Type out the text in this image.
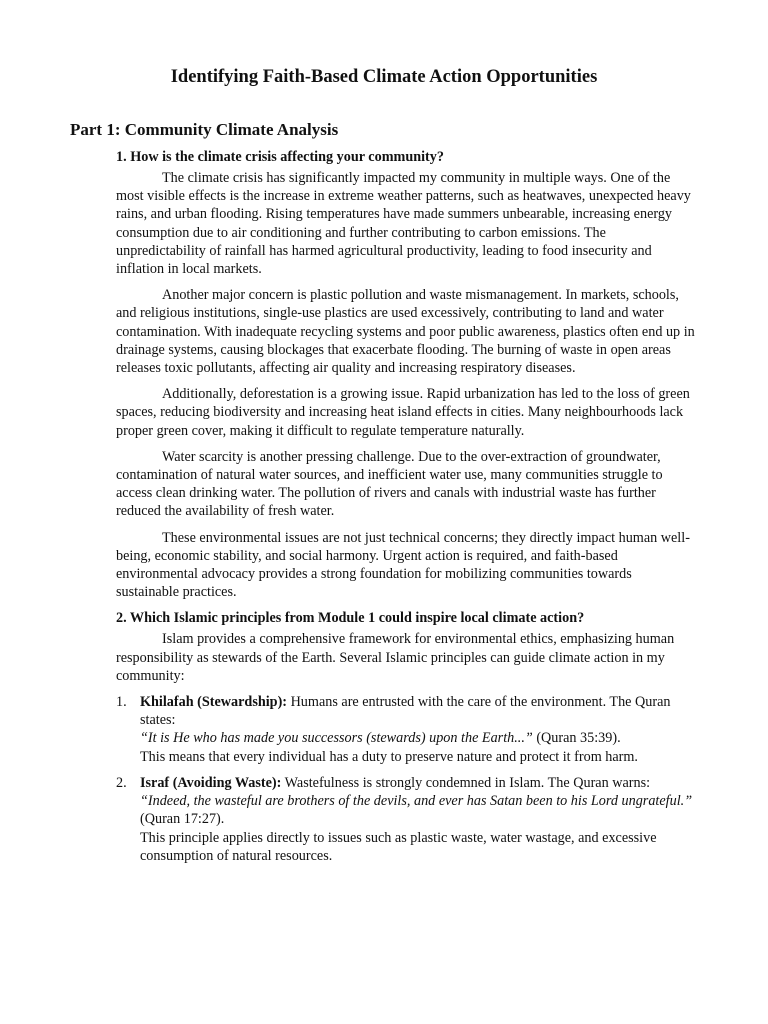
Identifying Faith-Based Climate Action Opportunities
Part 1: Community Climate Analysis
1. How is the climate crisis affecting your community?

The climate crisis has significantly impacted my community in multiple ways. One of the most visible effects is the increase in extreme weather patterns, such as heatwaves, unexpected heavy rains, and urban flooding. Rising temperatures have made summers unbearable, increasing energy consumption due to air conditioning and further contributing to carbon emissions. The unpredictability of rainfall has harmed agricultural productivity, leading to food insecurity and inflation in local markets.

Another major concern is plastic pollution and waste mismanagement. In markets, schools, and religious institutions, single-use plastics are used excessively, contributing to land and water contamination. With inadequate recycling systems and poor public awareness, plastics often end up in drainage systems, causing blockages that exacerbate flooding. The burning of waste in open areas releases toxic pollutants, affecting air quality and increasing respiratory diseases.

Additionally, deforestation is a growing issue. Rapid urbanization has led to the loss of green spaces, reducing biodiversity and increasing heat island effects in cities. Many neighbourhoods lack proper green cover, making it difficult to regulate temperature naturally.

Water scarcity is another pressing challenge. Due to the over-extraction of groundwater, contamination of natural water sources, and inefficient water use, many communities struggle to access clean drinking water. The pollution of rivers and canals with industrial waste has further reduced the availability of fresh water.

These environmental issues are not just technical concerns; they directly impact human well-being, economic stability, and social harmony. Urgent action is required, and faith-based environmental advocacy provides a strong foundation for mobilizing communities towards sustainable practices.

2. Which Islamic principles from Module 1 could inspire local climate action?

Islam provides a comprehensive framework for environmental ethics, emphasizing human responsibility as stewards of the Earth. Several Islamic principles can guide climate action in my community:

1. Khilafah (Stewardship): Humans are entrusted with the care of the environment. The Quran states:
“It is He who has made you successors (stewards) upon the Earth...” (Quran 35:39).
This means that every individual has a duty to preserve nature and protect it from harm.
2. Israf (Avoiding Waste): Wastefulness is strongly condemned in Islam. The Quran warns:
“Indeed, the wasteful are brothers of the devils, and ever has Satan been to his Lord ungrateful.” (Quran 17:27).
This principle applies directly to issues such as plastic waste, water wastage, and excessive consumption of natural resources.
